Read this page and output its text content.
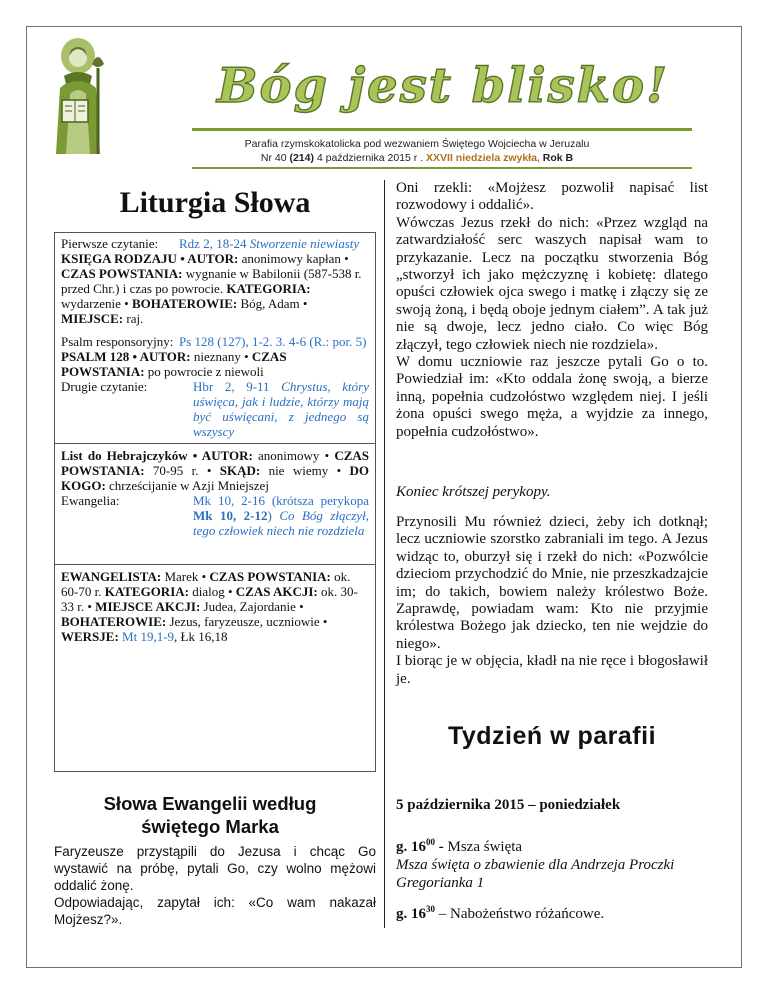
Bóg jest blisko!
Parafia rzymskokatolicka pod wezwaniem Świętego Wojciecha w Jeruzalu
Nr 40 (214) 4 października 2015 r . XXVII niedziela zwykła, Rok B
Liturgia Słowa
Pierwsze czytanie:	Rdz 2, 18-24 Stworzenie niewiasty
KSIĘGA RODZAJU • AUTOR: anonimowy kapłan • CZAS POWSTANIA: wygnanie w Babilonii (587-538 r. przed Chr.) i czas po powrocie. KATEGORIA: wydarzenie • BOHATEROWIE: Bóg, Adam • MIEJSCE: raj.
Psalm responsoryjny: Ps 128 (127), 1-2. 3. 4-6 (R.: por. 5)
PSALM 128 • AUTOR: nieznany • CZAS POWSTANIA: po powrocie z niewoli
Drugie czytanie:	Hbr 2, 9-11 Chrystus, który uświęca, jak i ludzie, którzy mają być uświęcani, z jednego są wszyscy
List do Hebrajczyków • AUTOR: anonimowy • CZAS POWSTANIA: 70-95 r. • SKĄD: nie wiemy • DO KOGO: chrześcijanie w Azji Mniejszej
Ewangelia:	Mk 10, 2-16 (krótsza perykopa Mk 10, 2-12) Co Bóg złączył, tego człowiek niech nie rozdziela
EWANGELISTA: Marek • CZAS POWSTANIA: ok. 60-70 r. KATEGORIA: dialog • CZAS AKCJI: ok. 30-33 r. • MIEJSCE AKCJI: Judea, Zajordanie • BOHATEROWIE: Jezus, faryzeusze, uczniowie • WERSJE: Mt 19,1-9, Łk 16,18
Słowa Ewangelii według
świętego Marka
Faryzeusze przystąpili do Jezusa i chcąc Go wystawić na próbę, pytali Go, czy wolno mężowi oddalić żonę.
Odpowiadając, zapytał ich: «Co wam nakazał Mojżesz?».
Oni rzekli: «Mojżesz pozwolił napisać list rozwodowy i oddalić».
Wówczas Jezus rzekł do nich: «Przez wzgląd na zatwardziałość serc waszych napisał wam to przykazanie. Lecz na początku stworzenia Bóg „stworzył ich jako mężczyznę i kobietę: dlatego opuści człowiek ojca swego i matkę i złączy się ze swoją żoną, i będą oboje jednym ciałem”. A tak już nie są dwoje, lecz jedno ciało. Co więc Bóg złączył, tego człowiek niech nie rozdziela».
W domu uczniowie raz jeszcze pytali Go o to. Powiedział im: «Kto oddala żonę swoją, a bierze inną, popełnia cudzołóstwo względem niej. I jeśli żona opuści swego męża, a wyjdzie za innego, popełnia cudzołóstwo».
Koniec krótszej perykopy.
Przynosili Mu również dzieci, żeby ich dotknął; lecz uczniowie szorstko zabraniali im tego. A Jezus widząc to, oburzył się i rzekł do nich: «Pozwólcie dzieciom przychodzić do Mnie, nie przeszkadzajcie im; do takich, bowiem należy królestwo Boże. Zaprawdę, powiadam wam: Kto nie przyjmie królestwa Bożego jak dziecko, ten nie wejdzie do niego».
I biorąc je w objęcia, kładł na nie ręce i błogosławił je.
Tydzień w parafii
5 października 2015 – poniedziałek
g. $16^{00}$ - Msza święta
Msza święta o zbawienie dla Andrzeja Proczki
Gregorianka 1
g. $16^{30}$ – Nabożeństwo różańcowe.
